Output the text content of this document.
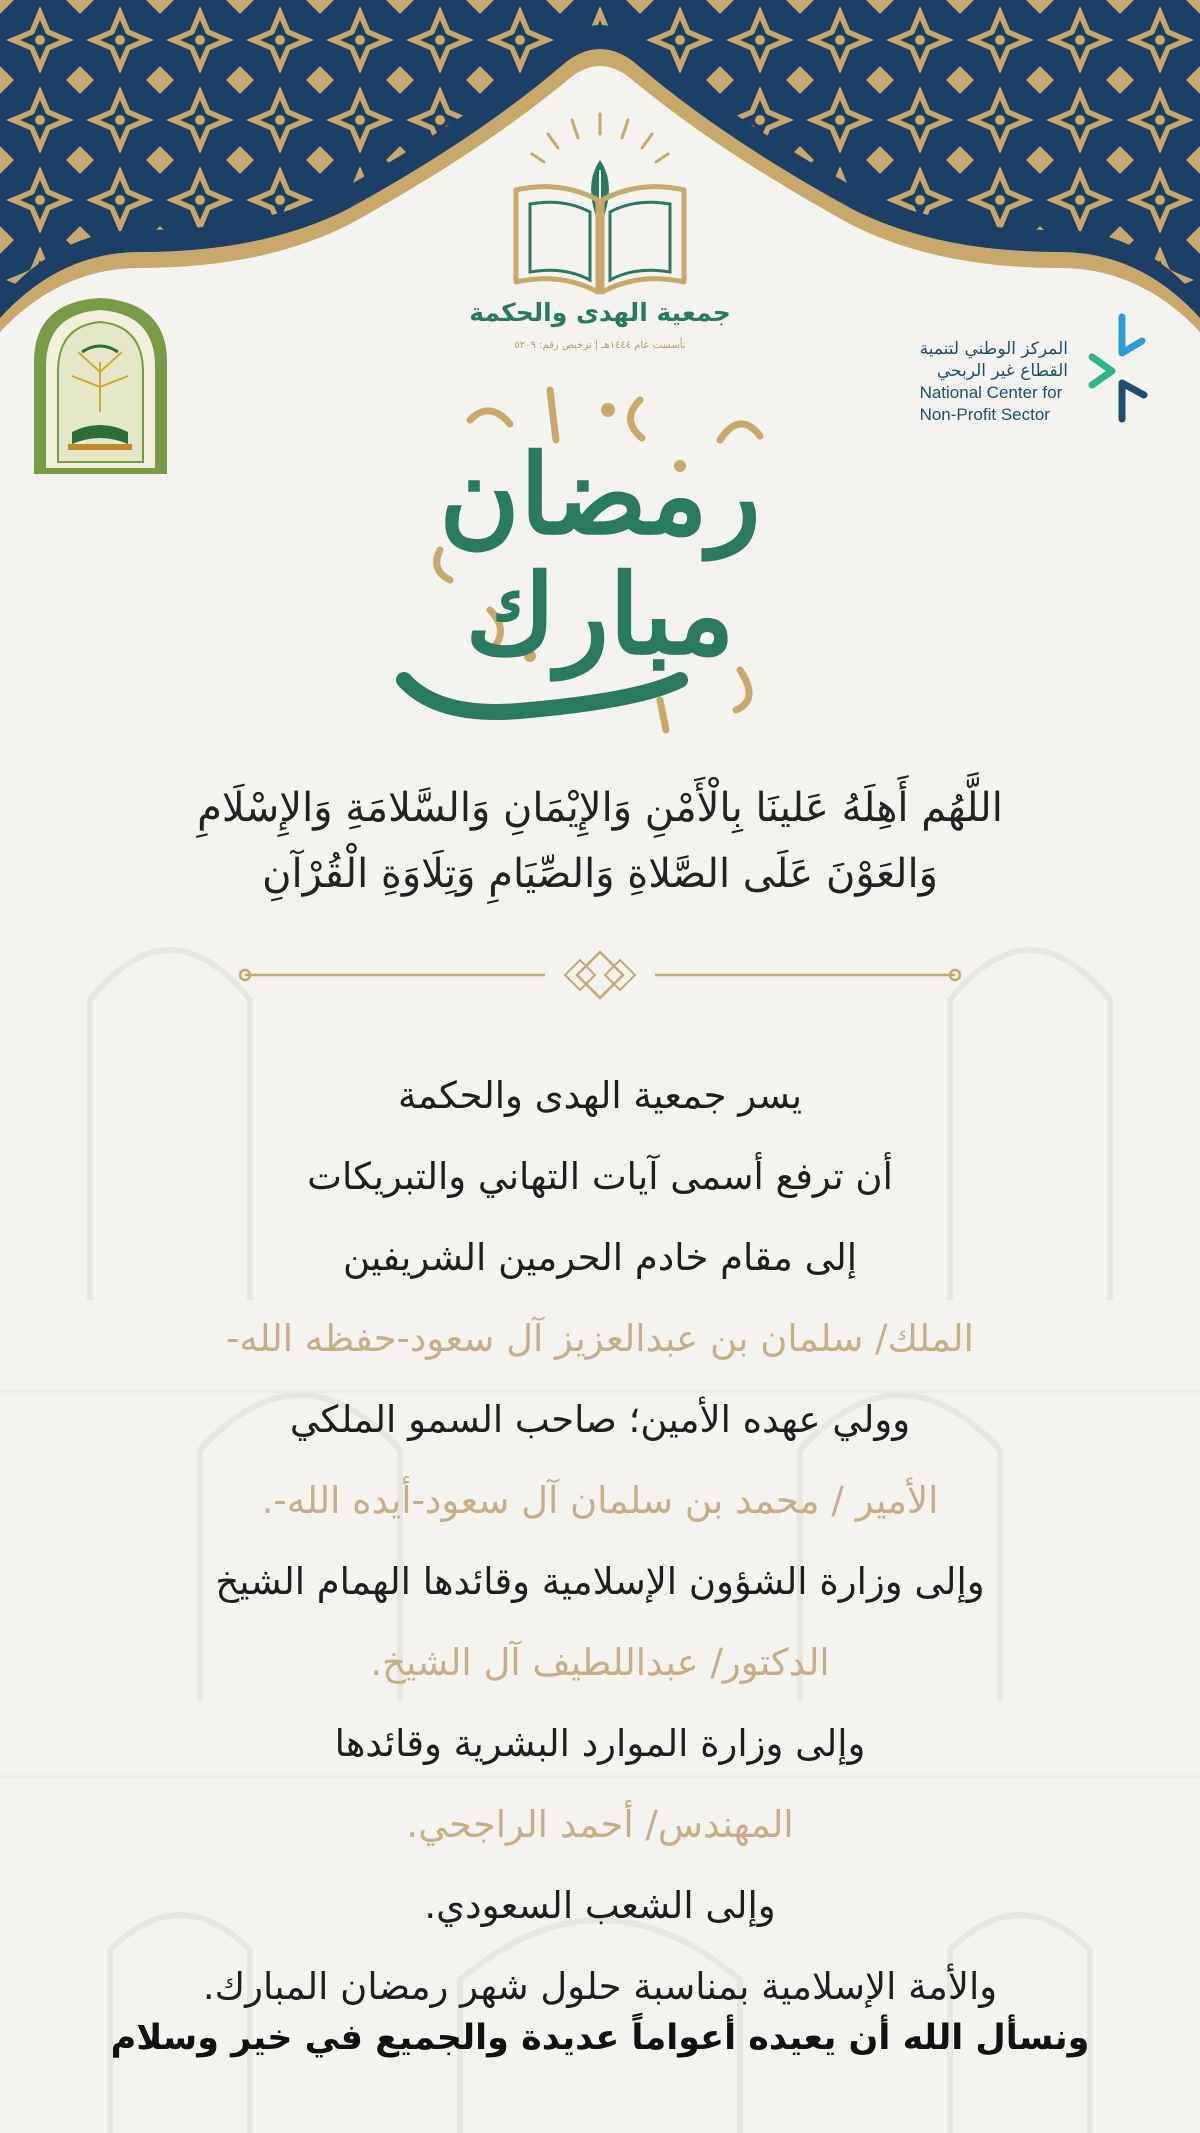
جمعية الهدى والحكمة
تأسست عام ١٤٤٤هـ | ترخيص رقم: ٥٢٠٩	المركز الوطني لتنمية
القطاع غير الربحي
National Center for
Non-Profit Sector
رمضان
مبارك
اللَّهُم أَهِلَهُ عَلينَا بِالْأَمْنِ وَالإِيْمَانِ وَالسَّلامَةِ وَالإِسْلَامِ
وَالعَوْنَ عَلَى الصَّلاةِ وَالصِّيَامِ وَتِلَاوَةِ الْقُرْآنِ
يسر جمعية الهدى والحكمة
أن ترفع أسمى آيات التهاني والتبريكات
إلى مقام خادم الحرمين الشريفين
الملك/ سلمان بن عبدالعزيز آل سعود-حفظه الله-
وولي عهده الأمين؛ صاحب السمو الملكي
الأمير / محمد بن سلمان آل سعود-أيده الله-.
وإلى وزارة الشؤون الإسلامية وقائدها الهمام الشيخ
الدكتور/ عبداللطيف آل الشيخ.
وإلى وزارة الموارد البشرية وقائدها
المهندس/ أحمد الراجحي.
وإلى الشعب السعودي.
والأمة الإسلامية بمناسبة حلول شهر رمضان المبارك.
ونسأل الله أن يعيده أعواماً عديدة والجميع في خير وسلام
